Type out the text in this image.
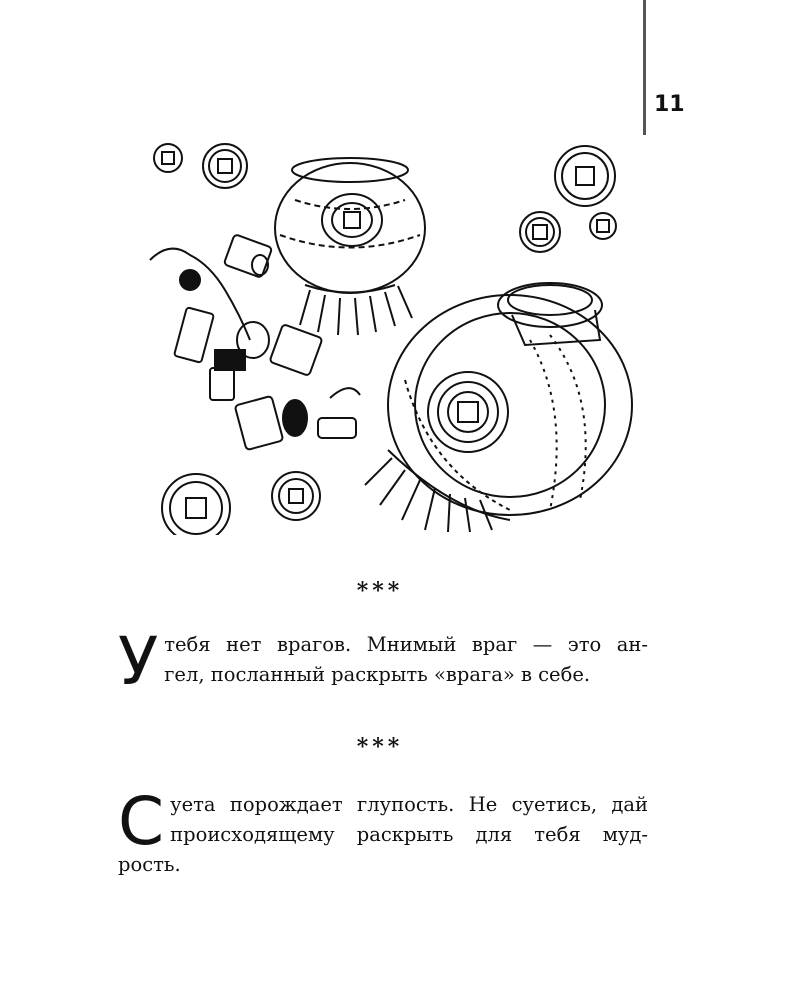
11
***
У тебя нет врагов. Мнимый враг — это ан-
гел, посланный раскрыть «врага» в себе.
***
С уета порождает глупость. Не суетись, дай
происходящему раскрыть для тебя муд-
рость.
